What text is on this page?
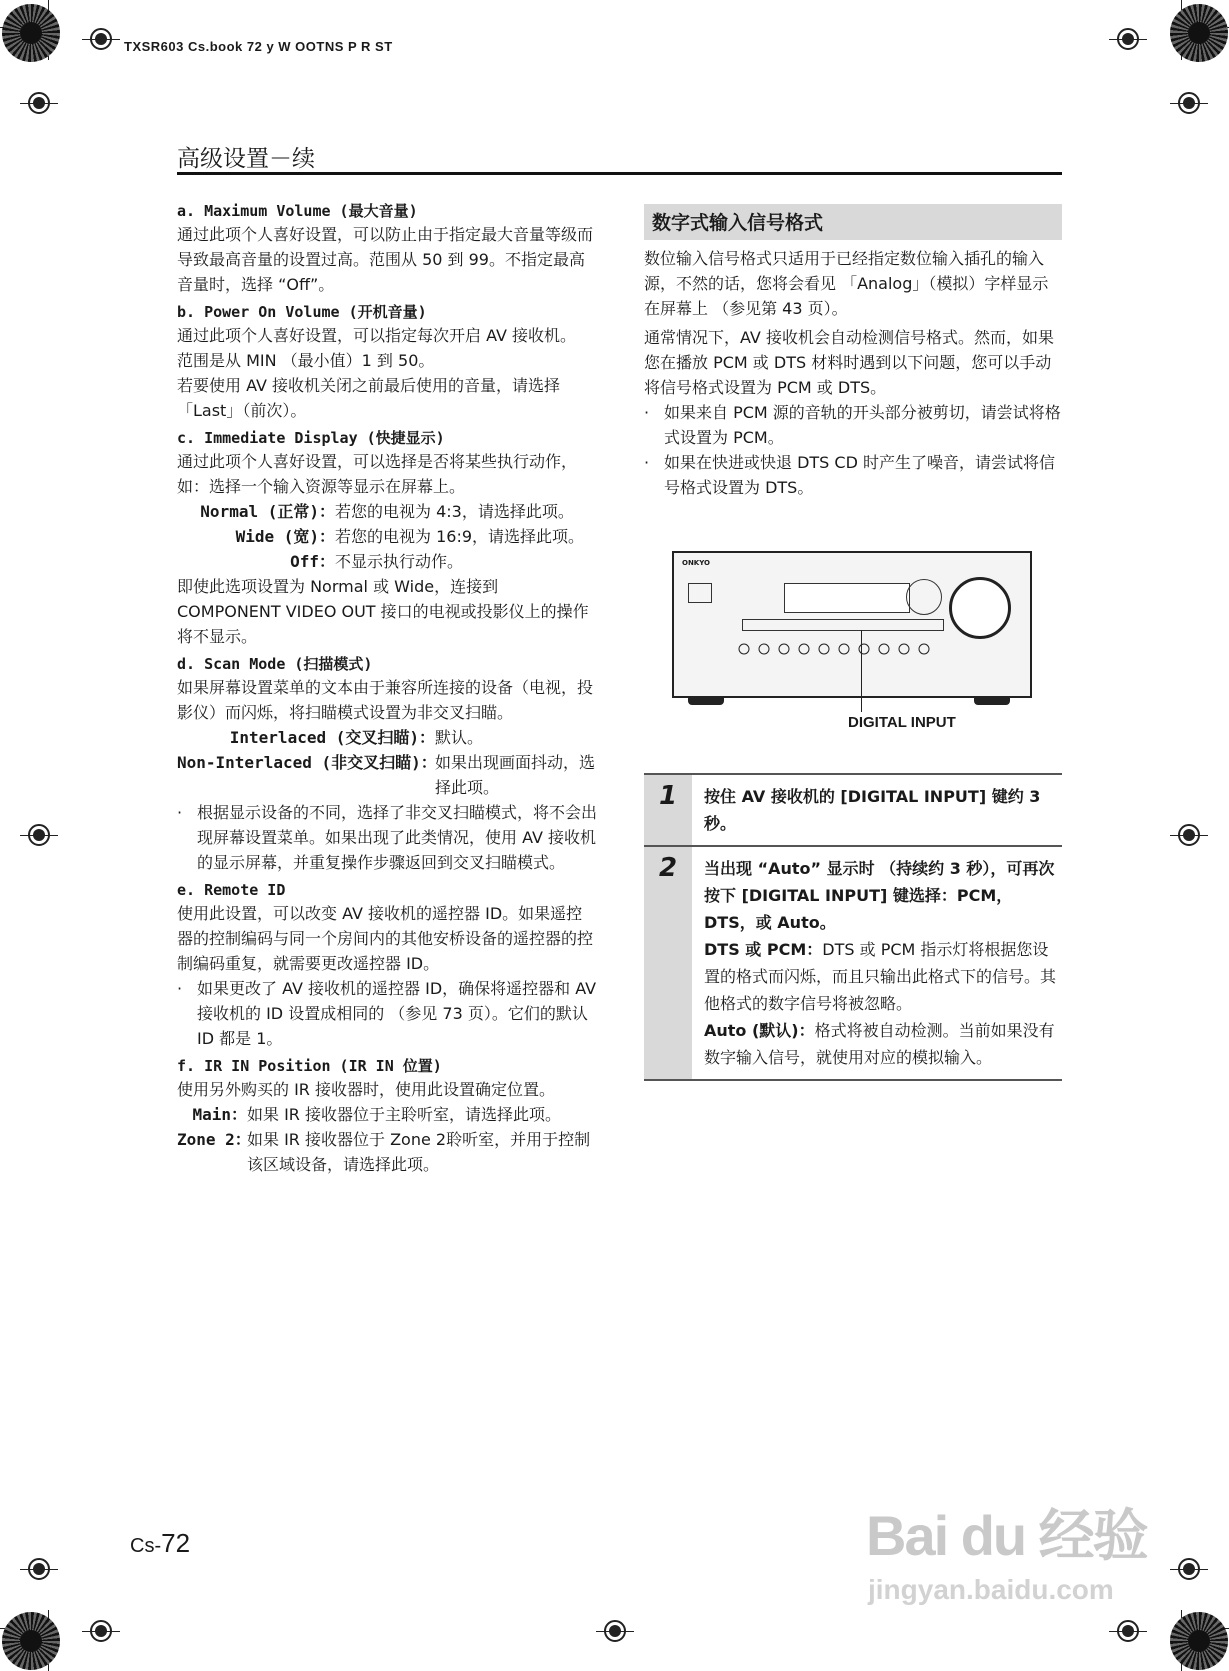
TXSR603 Cs.book 72 y W OOTNS P R ST
高级设置－续
a. Maximum Volume (最大音量)

通过此项个人喜好设置，可以防止由于指定最大音量等级而导致最高音量的设置过高。范围从 50 到 99。不指定最高音量时，选择 “Off”。

b. Power On Volume (开机音量)

通过此项个人喜好设置，可以指定每次开启 AV 接收机。

范围是从 MIN （最小值）1 到 50。

若要使用 AV 接收机关闭之前最后使用的音量，请选择 「Last」（前次）。

c. Immediate Display (快捷显示)

通过此项个人喜好设置，可以选择是否将某些执行动作，如：选择一个输入资源等显示在屏幕上。

Normal (正常)： 若您的电视为 4:3，请选择此项。
Wide (宽)： 若您的电视为 16:9，请选择此项。
Off： 不显示执行动作。

即使此选项设置为 Normal 或 Wide，连接到 COMPONENT VIDEO OUT 接口的电视或投影仪上的操作将不显示。

d. Scan Mode (扫描模式)

如果屏幕设置菜单的文本由于兼容所连接的设备（电视，投影仪）而闪烁，将扫瞄模式设置为非交叉扫瞄。

Interlaced (交叉扫瞄)： 默认。
Non-Interlaced (非交叉扫瞄)：
如果出现画面抖动，选择此项。
· 根据显示设备的不同，选择了非交叉扫瞄模式，将不会出现屏幕设置菜单。如果出现了此类情况，使用 AV 接收机的显示屏幕，并重复操作步骤返回到交叉扫瞄模式。
e. Remote ID

使用此设置，可以改变 AV 接收机的遥控器 ID。如果遥控器的控制编码与同一个房间内的其他安桥设备的遥控器的控制编码重复，就需要更改遥控器 ID。

· 如果更改了 AV 接收机的遥控器 ID，确保将遥控器和 AV 接收机的 ID 设置成相同的 （参见 73 页）。它们的默认 ID 都是 1。
f. IR IN Position (IR IN 位置)

使用另外购买的 IR 接收器时，使用此设置确定位置。

Main： 如果 IR 接收器位于主聆听室，请选择此项。
Zone 2：
如果 IR 接收器位于 Zone 2聆听室，并用于控制该区域设备，请选择此项。
数字式输入信号格式

数位输入信号格式只适用于已经指定数位输入插孔的输入源，不然的话，您将会看见 「Analog」（模拟）字样显示在屏幕上 （参见第 43 页）。

通常情况下，AV 接收机会自动检测信号格式。然而，如果您在播放 PCM 或 DTS 材料时遇到以下问题，您可以手动将信号格式设置为 PCM 或 DTS。

· 如果来自 PCM 源的音轨的开头部分被剪切，请尝试将格式设置为 PCM。
· 如果在快进或快退 DTS CD 时产生了噪音，请尝试将信号格式设置为 DTS。
ONKYO
DIGITAL INPUT
1	按住 AV 接收机的 [DIGITAL INPUT] 键约 3 秒。
2	当出现 “Auto” 显示时 （持续约 3 秒），可再次按下 [DIGITAL INPUT] 键选择：PCM，DTS，或 Auto。
DTS 或 PCM：DTS 或 PCM 指示灯将根据您设置的格式而闪烁，而且只输出此格式下的信号。其他格式的数字信号将被忽略。
Auto (默认)：格式将被自动检测。当前如果没有数字输入信号，就使用对应的模拟输入。
Cs-72	Bai du 经验
jingyan.baidu.com
